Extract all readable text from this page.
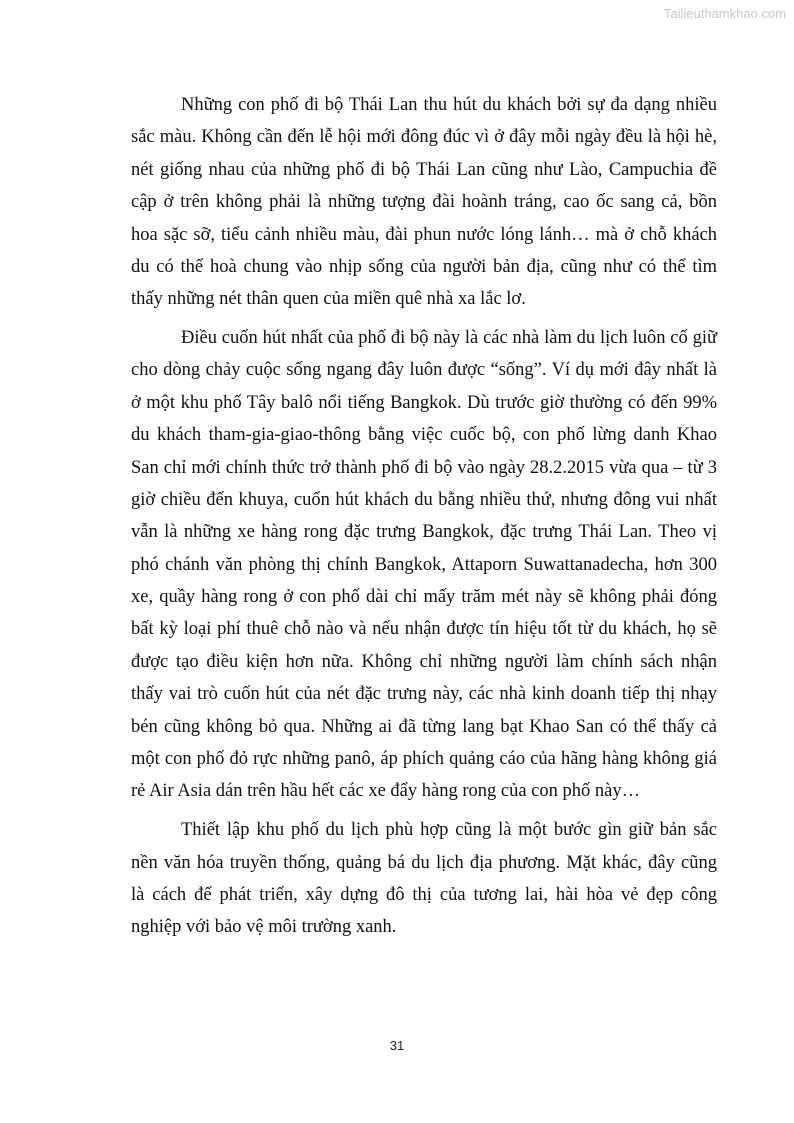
Tailieuthamkhao.com
Những con phố đi bộ Thái Lan thu hút du khách bởi sự đa dạng nhiều
sắc màu. Không cần đến lễ hội mới đông đúc vì ở đây mỗi ngày đều là hội hè,
nét giống nhau của những phố đi bộ Thái Lan cũng như Lào, Campuchia đề
cập ở trên không phải là những tượng đài hoành tráng, cao ốc sang cả, bồn
hoa sặc sỡ, tiểu cảnh nhiều màu, đài phun nước lóng lánh… mà ở chỗ khách
du có thể hoà chung vào nhịp sống của người bản địa, cũng như có thể tìm
thấy những nét thân quen của miền quê nhà xa lắc lơ.
Điều cuốn hút nhất của phố đi bộ này là các nhà làm du lịch luôn cố giữ
cho dòng chảy cuộc sống ngang đây luôn được “sống”. Ví dụ mới đây nhất là
ở một khu phố Tây balô nổi tiếng Bangkok. Dù trước giờ thường có đến 99%
du khách tham-gia-giao-thông bằng việc cuốc bộ, con phố lừng danh Khao
San chỉ mới chính thức trở thành phố đi bộ vào ngày 28.2.2015 vừa qua – từ 3
giờ chiều đến khuya, cuốn hút khách du bằng nhiều thứ, nhưng đông vui nhất
vẫn là những xe hàng rong đặc trưng Bangkok, đặc trưng Thái Lan. Theo vị
phó chánh văn phòng thị chính Bangkok, Attaporn Suwattanadecha, hơn 300
xe, quầy hàng rong ở con phố dài chỉ mấy trăm mét này sẽ không phải đóng
bất kỳ loại phí thuê chỗ nào và nếu nhận được tín hiệu tốt từ du khách, họ sẽ
được tạo điều kiện hơn nữa. Không chỉ những người làm chính sách nhận
thấy vai trò cuốn hút của nét đặc trưng này, các nhà kinh doanh tiếp thị nhạy
bén cũng không bỏ qua. Những ai đã từng lang bạt Khao San có thể thấy cả
một con phố đỏ rực những panô, áp phích quảng cáo của hãng hàng không giá
rẻ Air Asia dán trên hầu hết các xe đẩy hàng rong của con phố này…
Thiết lập khu phố du lịch phù hợp cũng là một bước gìn giữ bản sắc
nền văn hóa truyền thống, quảng bá du lịch địa phương. Mặt khác, đây cũng
là cách để phát triển, xây dựng đô thị của tương lai, hài hòa vẻ đẹp công
nghiệp với bảo vệ môi trường xanh.
31
